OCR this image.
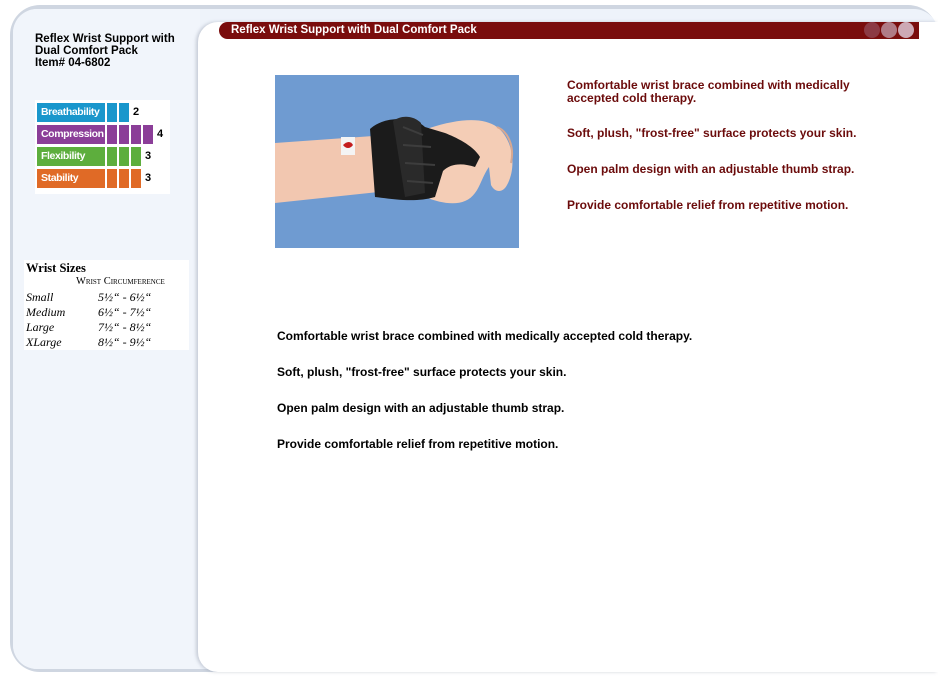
Reflex Wrist Support with Dual Comfort Pack
Reflex Wrist Support with
Dual Comfort Pack
Item# 04-6802
Breathability	2
Compression	4
Flexibility	3
Stability	3
Wrist Sizes
Wrist Circumference
Small	5½“ - 6½“
Medium	6½“ - 7½“
Large	7½“ - 8½“
XLarge	8½“ - 9½“
Comfortable wrist brace combined with medically accepted cold therapy.
Soft, plush, "frost-free" surface protects your skin.
Open palm design with an adjustable thumb strap.
Provide comfortable relief from repetitive motion.
Comfortable wrist brace combined with medically accepted cold therapy.
Soft, plush, "frost-free" surface protects your skin.
Open palm design with an adjustable thumb strap.
Provide comfortable relief from repetitive motion.
